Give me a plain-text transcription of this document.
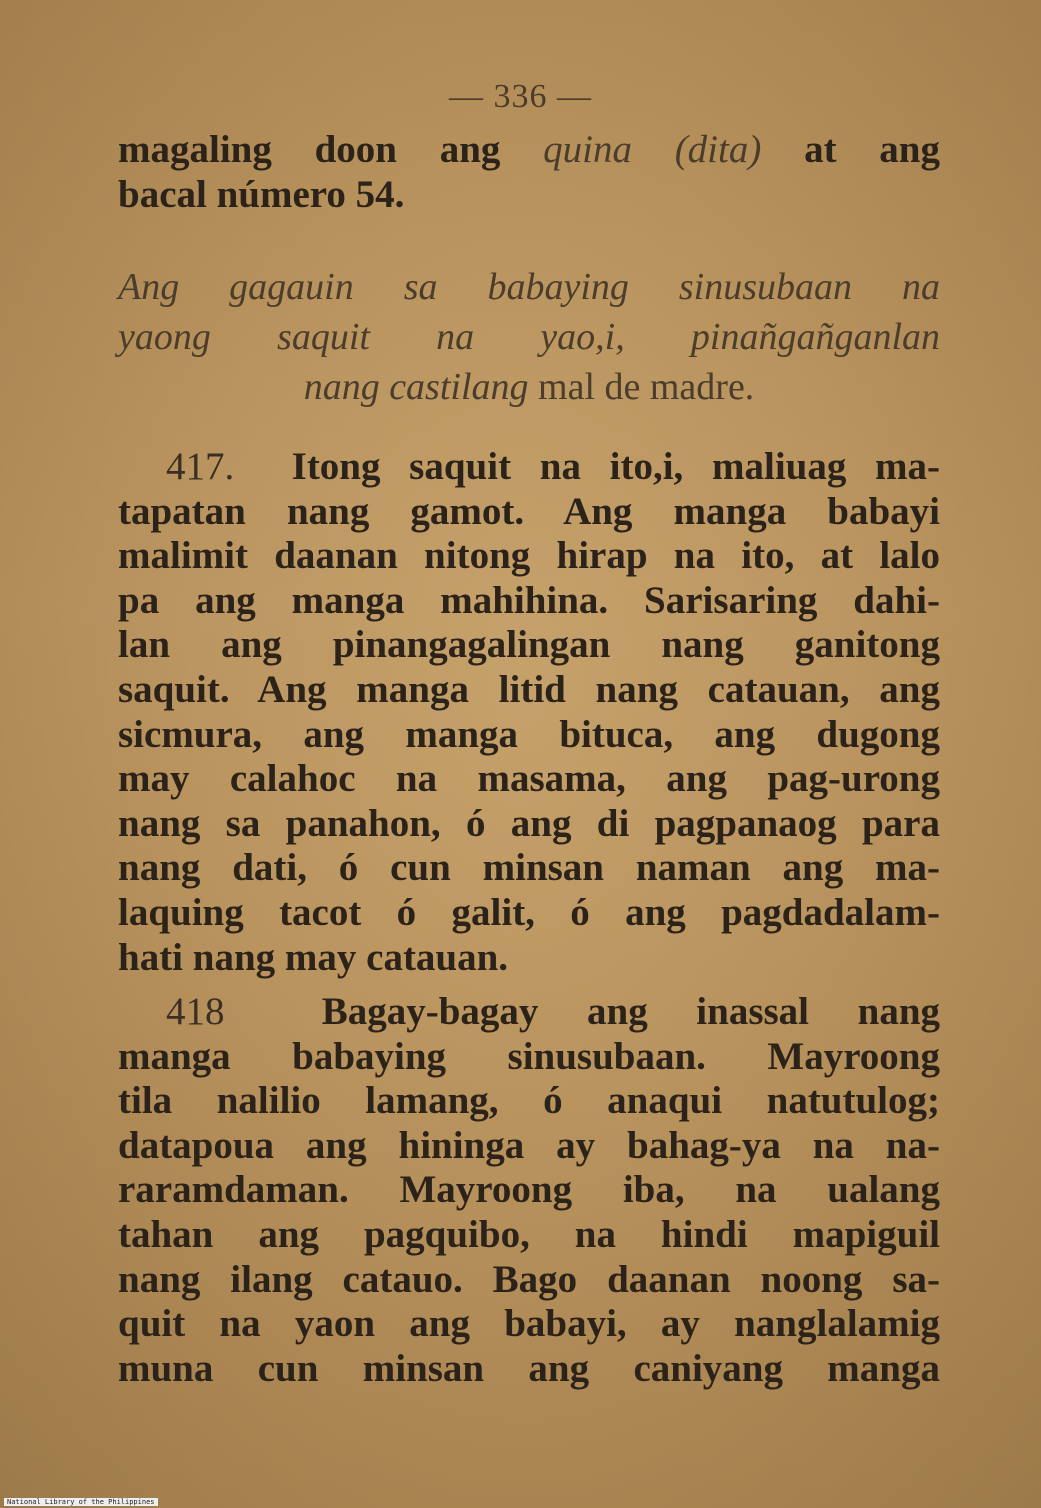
— 336 —
magaling doon ang quina (dita) at ang
bacal número 54.
Ang gagauin sa babaying sinusubaan na
yaong saquit na yao,i, pinañgañganlan
nang castilang mal de madre.
417. Itong saquit na ito,i, maliuag ma-
tapatan nang gamot. Ang manga babayi
malimit daanan nitong hirap na ito, at lalo
pa ang manga mahihina. Sarisaring dahi-
lan ang pinangagalingan nang ganitong
saquit. Ang manga litid nang catauan, ang
sicmura, ang manga bituca, ang dugong
may calahoc na masama, ang pag-urong
nang sa panahon, ó ang di pagpanaog para
nang dati, ó cun minsan naman ang ma-
laquing tacot ó galit, ó ang pagdadalam-
hati nang may catauan.
418 Bagay-bagay ang inassal nang
manga babaying sinusubaan. Mayroong
tila nalilio lamang, ó anaqui natutulog;
datapoua ang hininga ay bahag-ya na na-
raramdaman. Mayroong iba, na ualang
tahan ang pagquibo, na hindi mapiguil
nang ilang catauo. Bago daanan noong sa-
quit na yaon ang babayi, ay nanglalamig
muna cun minsan ang caniyang manga
National Library of the Philippines
